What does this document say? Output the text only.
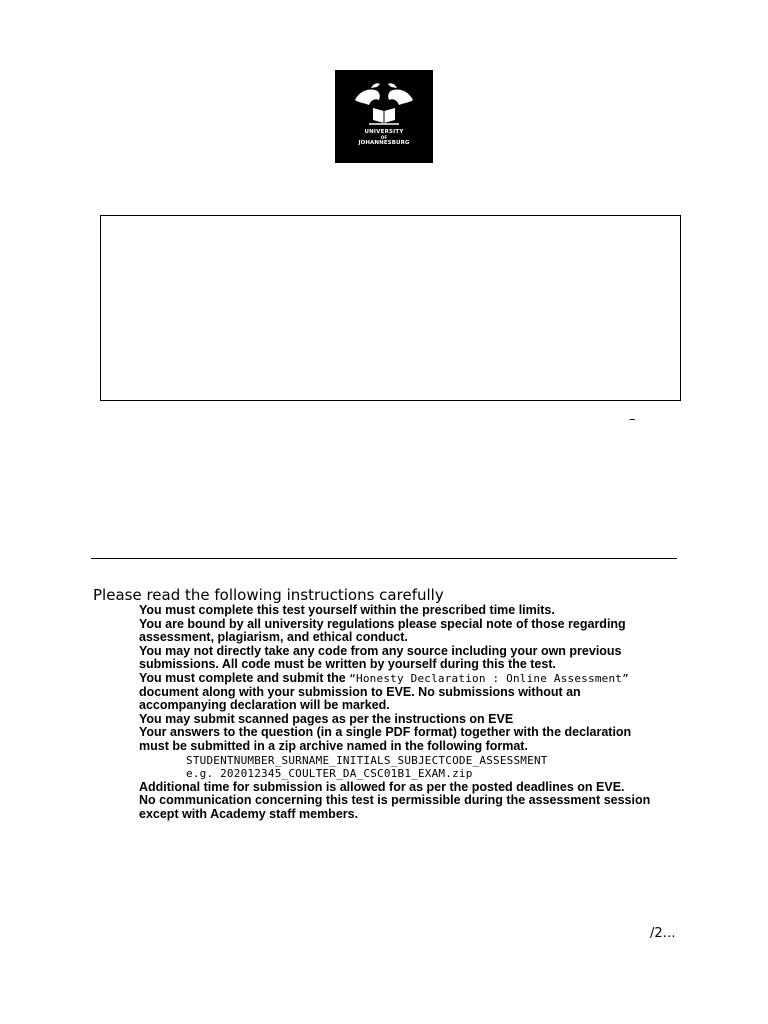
UNIVERSITY
OF
JOHANNESBURG
–
Please read the following instructions carefully

You must complete this test yourself within the prescribed time limits.

You are bound by all university regulations please special note of those regarding

assessment, plagiarism, and ethical conduct.

You may not directly take any code from any source including your own previous

submissions. All code must be written by yourself during this the test.

You must complete and submit the “Honesty Declaration : Online Assessment”

document along with your submission to EVE. No submissions without an

accompanying declaration will be marked.

You may submit scanned pages as per the instructions on EVE

Your answers to the question (in a single PDF format) together with the declaration

must be submitted in a zip archive named in the following format.

STUDENTNUMBER_SURNAME_INITIALS_SUBJECTCODE_ASSESSMENT

e.g. 202012345_COULTER_DA_CSC01B1_EXAM.zip

Additional time for submission is allowed for as per the posted deadlines on EVE.

No communication concerning this test is permissible during the assessment session

except with Academy staff members.

/2…
